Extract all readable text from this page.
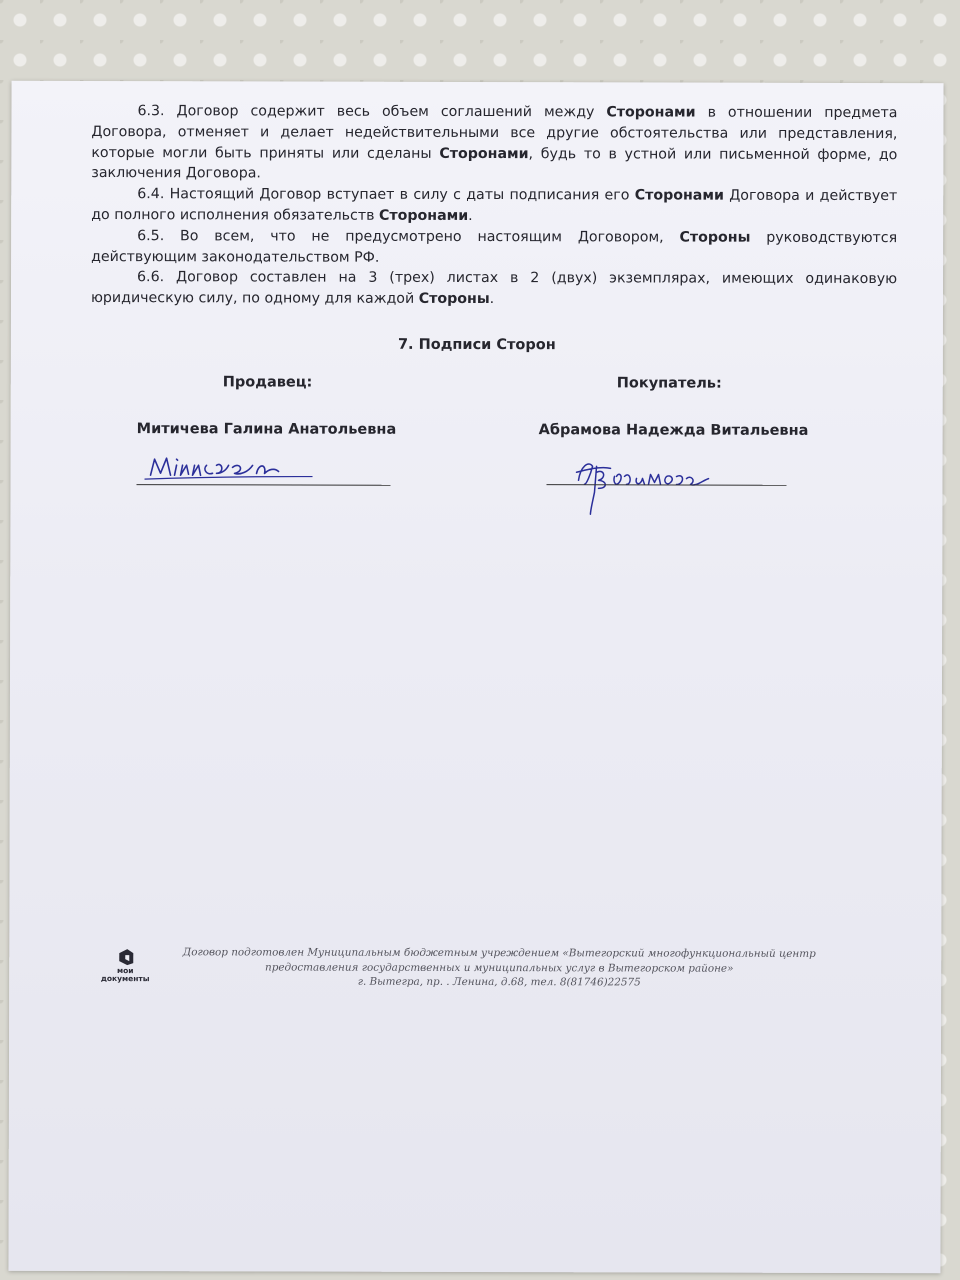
6.3. Договор содержит весь объем соглашений между Сторонами в отношении предмета Договора, отменяет и делает недействительными все другие обстоятельства или представления, которые могли быть приняты или сделаны Сторонами, будь то в устной или письменной форме, до заключения Договора.

6.4. Настоящий Договор вступает в силу с даты подписания его Сторонами Договора и действует до полного исполнения обязательств Сторонами.

6.5. Во всем, что не предусмотрено настоящим Договором, Стороны руководствуются действующим законодательством РФ.

6.6. Договор составлен на 3 (трех) листах в 2 (двух) экземплярах, имеющих одинаковую юридическую силу, по одному для каждой Стороны.

7. Подписи Сторон
Продавец:	Покупатель:
Митичева Галина Анатольевна	Абрамова Надежда Витальевна
мои
документы
Договор подготовлен Муниципальным бюджетным учреждением «Вытегорский многофункциональный центр
предоставления государственных и муниципальных услуг в Вытегорском районе»
г. Вытегра, пр. . Ленина, д.68, тел. 8(81746)22575
